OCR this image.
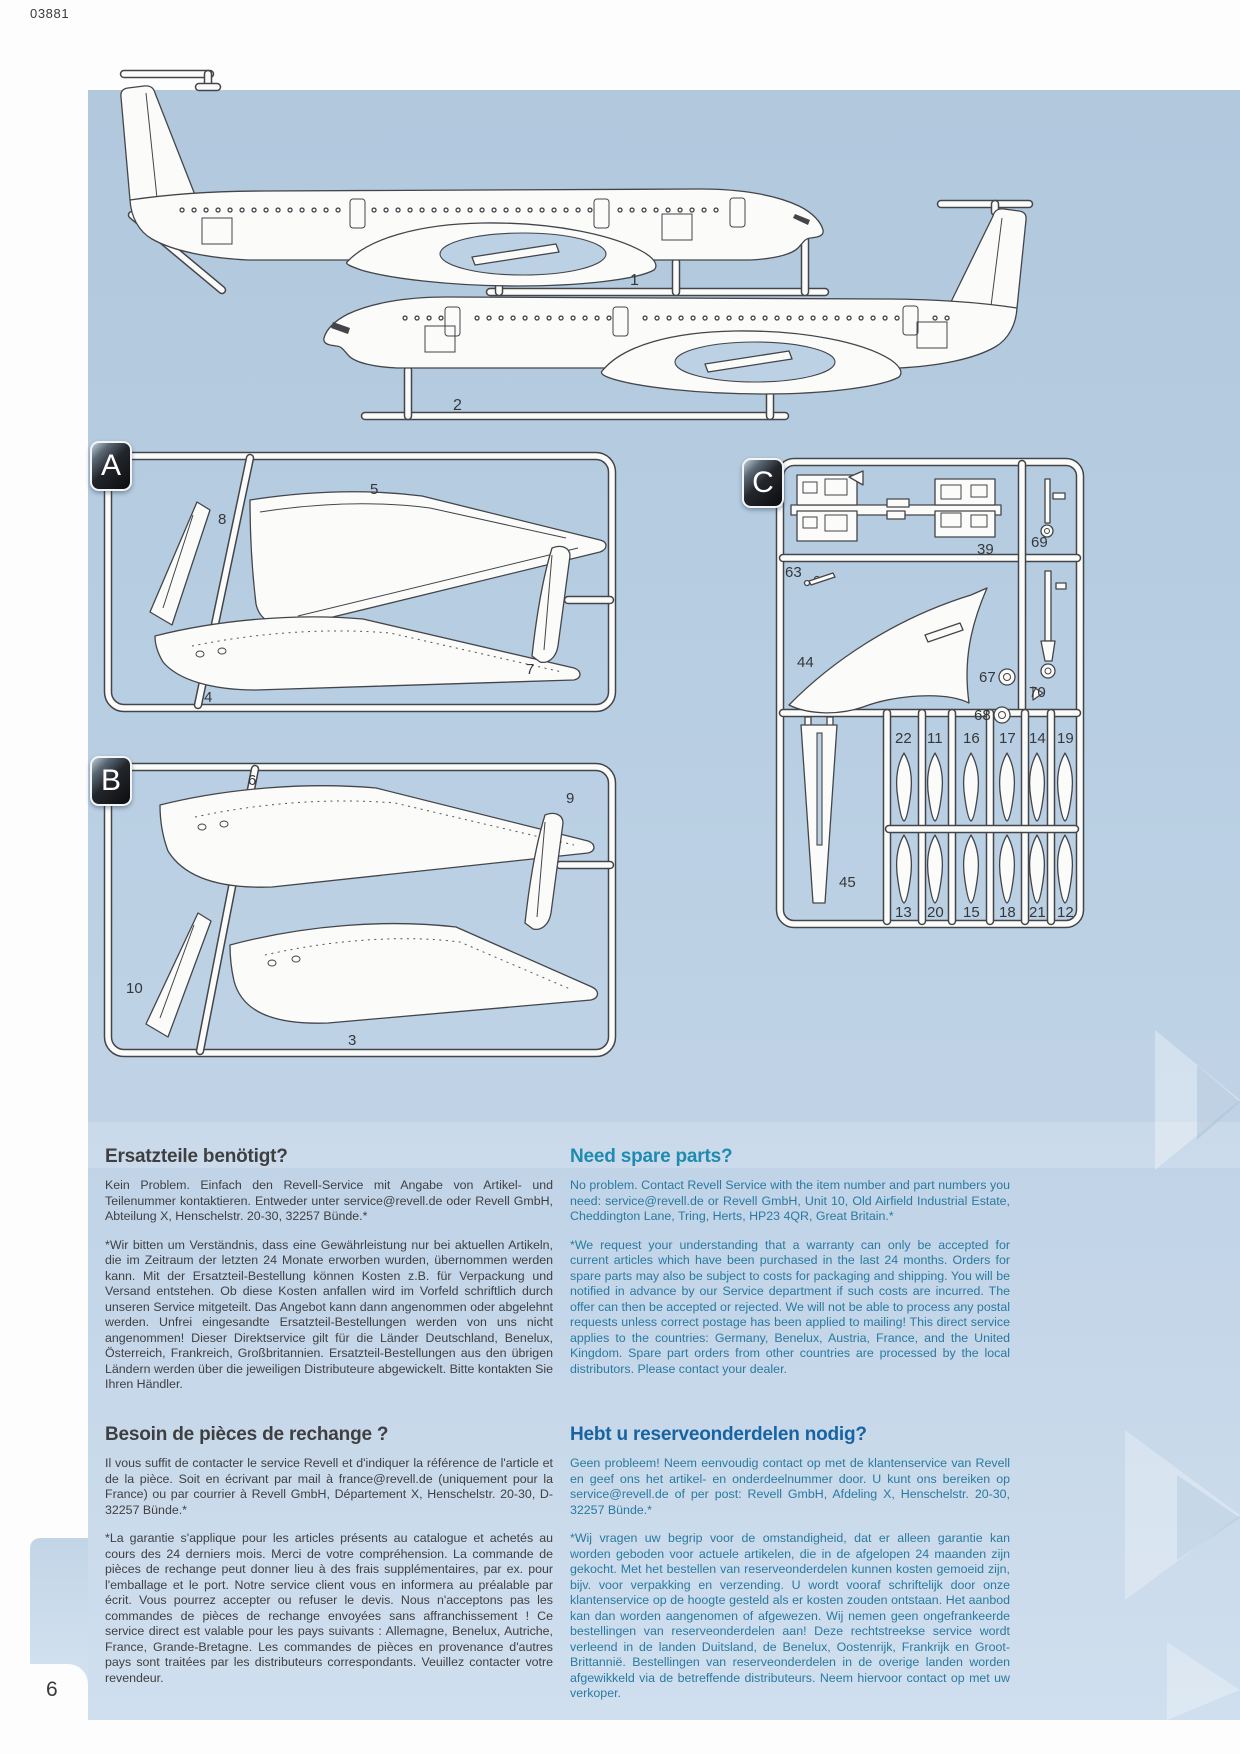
03881
1
2
8
5
4
7
A
6
9
10
3
B
39
63
44
67
68
69
70
45
22 11 16 17 14 19
13 20 15 18 21 12
C
Ersatzteile benötigt?

Kein Problem. Einfach den Revell-Service mit Angabe von Artikel- und Teilenummer kontaktieren. Entweder unter service@revell.de oder Revell GmbH, Abteilung X, Henschelstr. 20-30, 32257 Bünde.*

*Wir bitten um Verständnis, dass eine Gewährleistung nur bei aktuellen Artikeln, die im Zeitraum der letzten 24 Monate erworben wurden, übernommen werden kann. Mit der Ersatzteil-Bestellung können Kosten z.B. für Verpackung und Versand entstehen. Ob diese Kosten anfallen wird im Vorfeld schriftlich durch unseren Service mitgeteilt. Das Angebot kann dann angenommen oder abgelehnt werden. Unfrei eingesandte Ersatzteil-Bestellungen werden von uns nicht angenommen! Dieser Direktservice gilt für die Länder Deutschland, Benelux, Österreich, Frankreich, Großbritannien. Ersatzteil-Bestellungen aus den übrigen Ländern werden über die jeweiligen Distributeure abgewickelt. Bitte kontakten Sie Ihren Händler.

Need spare parts?

No problem. Contact Revell Service with the item number and part numbers you need: service@revell.de or Revell GmbH, Unit 10, Old Airfield Industrial Estate, Cheddington Lane, Tring, Herts, HP23 4QR, Great Britain.*

*We request your understanding that a warranty can only be accepted for current articles which have been purchased in the last 24 months. Orders for spare parts may also be subject to costs for packaging and shipping. You will be notified in advance by our Service department if such costs are incurred. The offer can then be accepted or rejected. We will not be able to process any postal requests unless correct postage has been applied to mailing! This direct service applies to the countries: Germany, Benelux, Austria, France, and the United Kingdom. Spare part orders from other countries are processed by the local distributors. Please contact your dealer.

Besoin de pièces de rechange ?

Il vous suffit de contacter le service Revell et d'indiquer la référence de l'article et de la pièce. Soit en écrivant par mail à france@revell.de (uniquement pour la France) ou par courrier à Revell GmbH, Département X, Henschelstr. 20-30, D-32257 Bünde.*

*La garantie s'applique pour les articles présents au catalogue et achetés au cours des 24 derniers mois. Merci de votre compréhension. La commande de pièces de rechange peut donner lieu à des frais supplémentaires, par ex. pour l'emballage et le port. Notre service client vous en informera au préalable par écrit. Vous pourrez accepter ou refuser le devis. Nous n'acceptons pas les commandes de pièces de rechange envoyées sans affranchissement ! Ce service direct est valable pour les pays suivants : Allemagne, Benelux, Autriche, France, Grande-Bretagne. Les commandes de pièces en provenance d'autres pays sont traitées par les distributeurs correspondants. Veuillez contacter votre revendeur.

Hebt u reserveonderdelen nodig?

Geen probleem! Neem eenvoudig contact op met de klantenservice van Revell en geef ons het artikel- en onderdeelnummer door. U kunt ons bereiken op service@revell.de of per post: Revell GmbH, Afdeling X, Henschelstr. 20-30, 32257 Bünde.*

*Wij vragen uw begrip voor de omstandigheid, dat er alleen garantie kan worden geboden voor actuele artikelen, die in de afgelopen 24 maanden zijn gekocht. Met het bestellen van reserveonderdelen kunnen kosten gemoeid zijn, bijv. voor verpakking en verzending. U wordt vooraf schriftelijk door onze klantenservice op de hoogte gesteld als er kosten zouden ontstaan. Het aanbod kan dan worden aangenomen of afgewezen. Wij nemen geen ongefrankeerde bestellingen van reserveonderdelen aan! Deze rechtstreekse service wordt verleend in de landen Duitsland, de Benelux, Oostenrijk, Frankrijk en Groot-Brittannië. Bestellingen van reserveonderdelen in de overige landen worden afgewikkeld via de betreffende distributeurs. Neem hiervoor contact op met uw verkoper.

6
